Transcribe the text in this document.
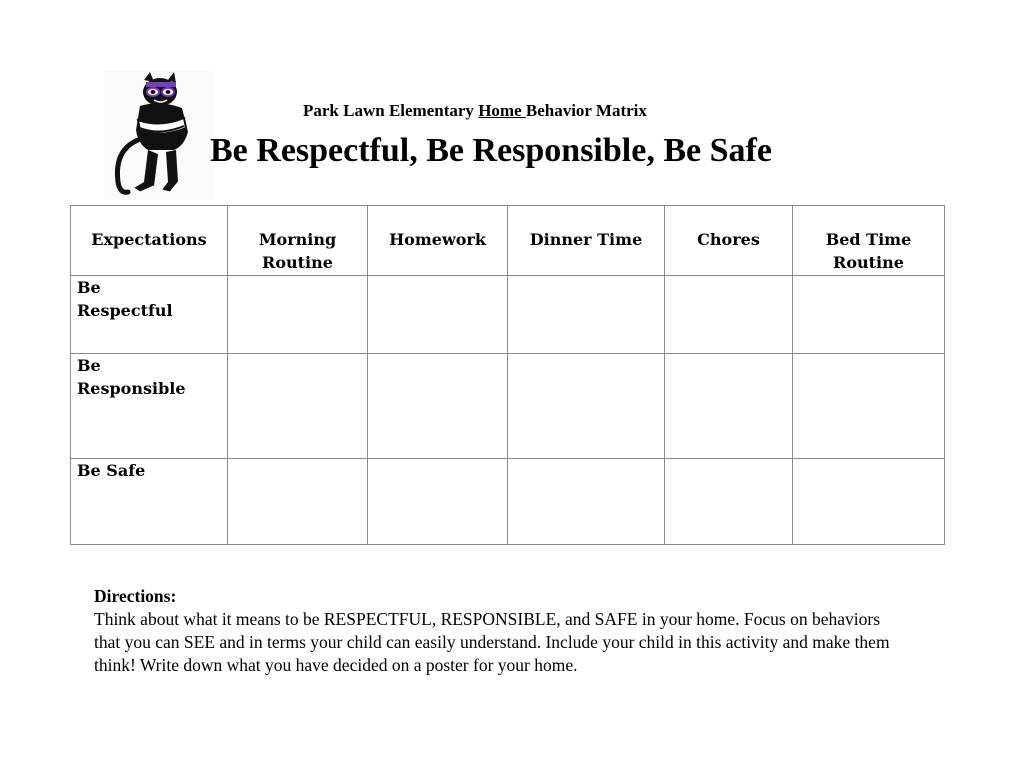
Park Lawn Elementary Home Behavior Matrix
Be Respectful, Be Responsible, Be Safe
Expectations	Morning Routine	Homework	Dinner Time	Chores	Bed Time Routine
Be Respectful					
Be Responsible					
Be Safe					
Directions:
Think about what it means to be RESPECTFUL, RESPONSIBLE, and SAFE in your home. Focus on behaviors that you can SEE and in terms your child can easily understand. Include your child in this activity and make them think! Write down what you have decided on a poster for your home.
